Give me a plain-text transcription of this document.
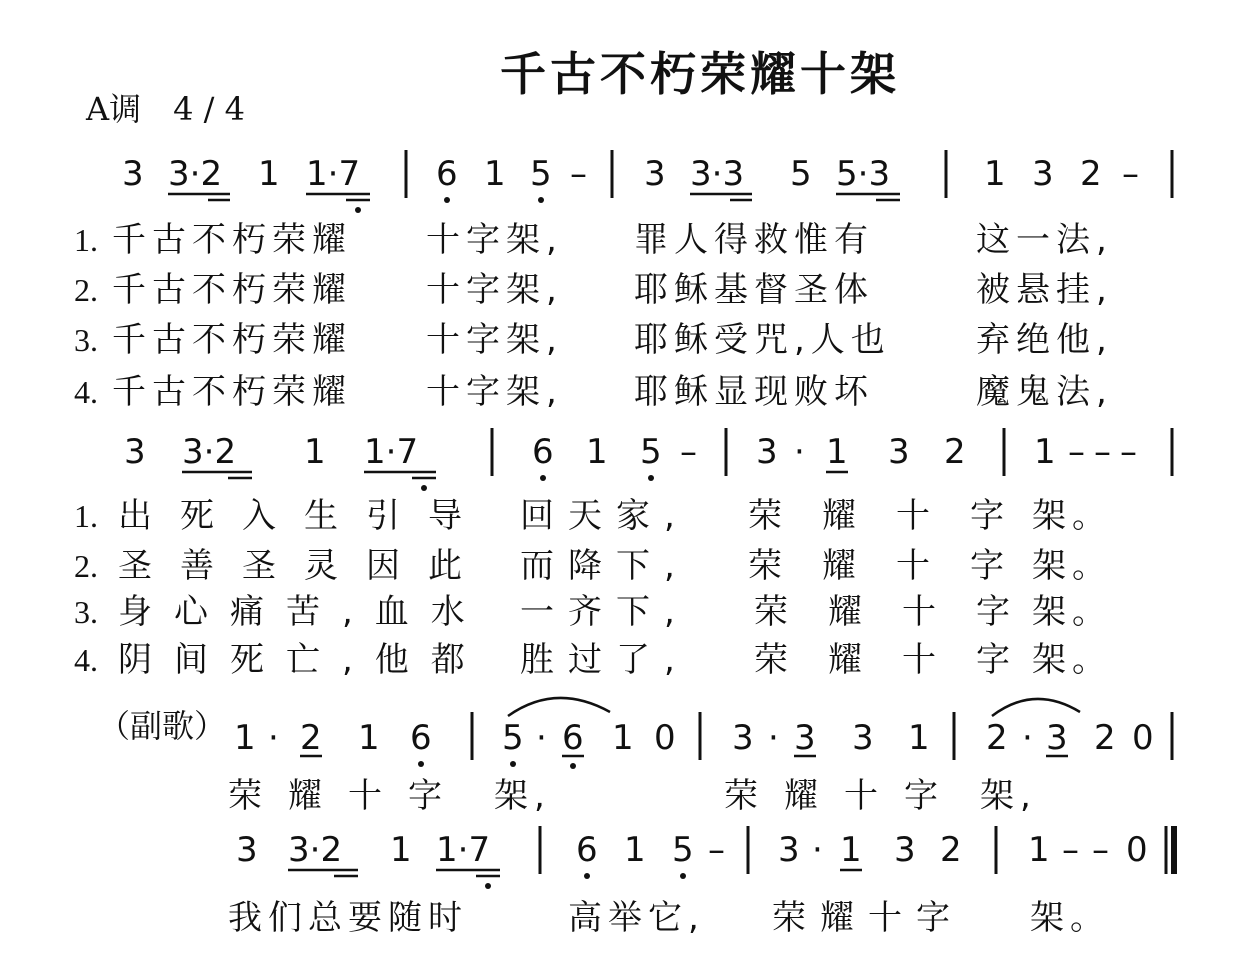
千古不朽荣耀十架
A调　4 / 4
3 3·2 1 1·7 6 1 5 – 3 3·3 5 5·3	1 3 2 –
1. 千古不朽荣耀 十字架, 罪人得救惟有	这一法,
2. 千古不朽荣耀 十字架, 耶稣基督圣体	被悬挂,
3. 千古不朽荣耀 十字架, 耶稣受咒,人也	弃绝他,
4. 千古不朽荣耀 十字架, 耶稣显现败坏	魔鬼法,
3 3·2 1 1·7	6 1 5 – 3 · 1 3 2 1 – – –
1. 出死入生引导 回天家, 荣耀十字
架。
2. 圣善圣灵因此 而降下, 荣耀十字
架。
3. 身心痛苦,血水 一齐下, 荣耀十字
架。
4. 阴间死亡,他都 胜过了, 荣耀十字
架。
（副歌） 1 · 2 1 6 5 · 6 1 0 3 · 3 3 1 2 · 3 2 0
荣耀十字 架,	荣耀十字 架,
3 3·2 1 1·7	6 1 5 – 3 · 1 3 2 1 – – 0
我们总要随时	高举它, 荣耀十字 架。
